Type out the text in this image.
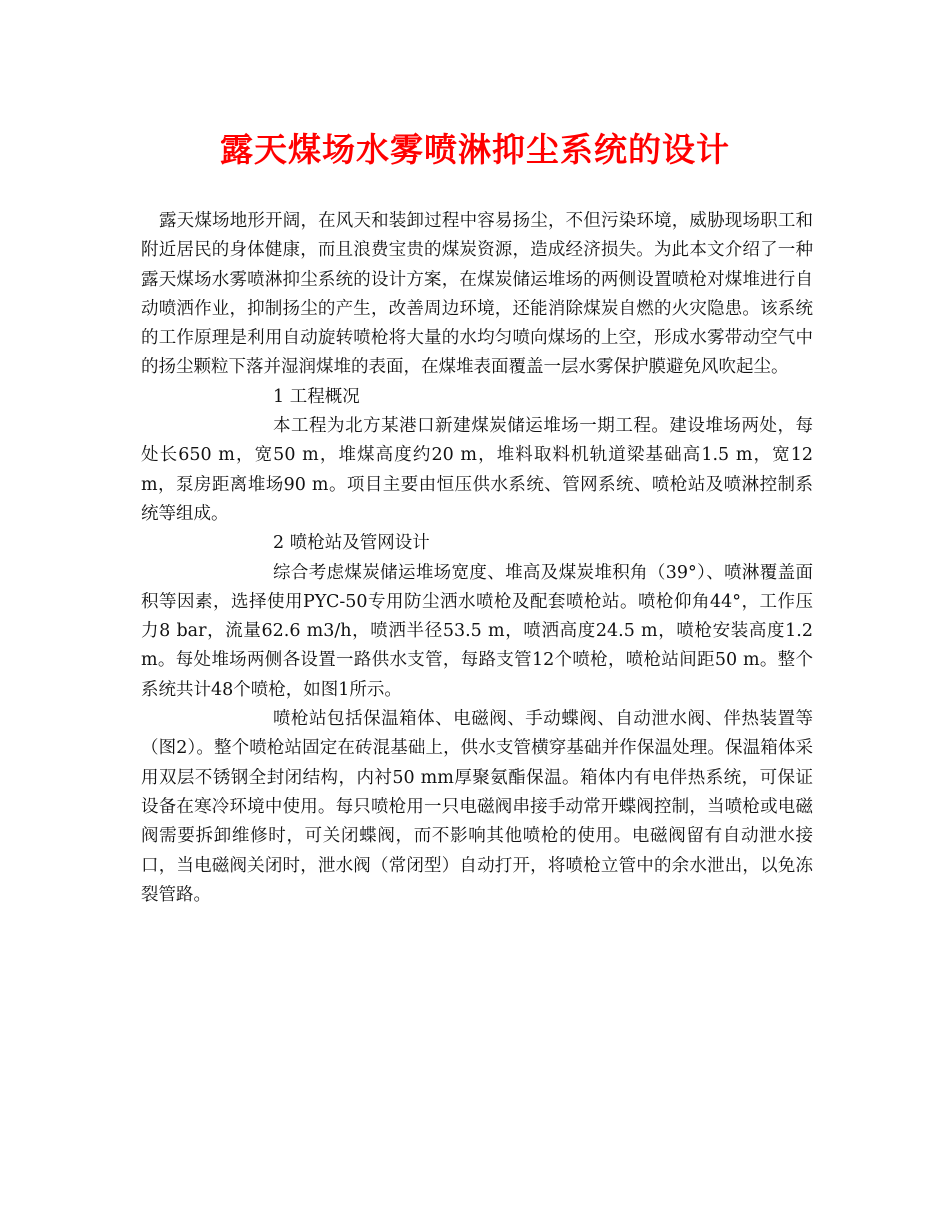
露天煤场水雾喷淋抑尘系统的设计

露天煤场地形开阔，在风天和装卸过程中容易扬尘，不但污染环境，威胁现场职工和附近居民的身体健康，而且浪费宝贵的煤炭资源，造成经济损失。为此本文介绍了一种露天煤场水雾喷淋抑尘系统的设计方案，在煤炭储运堆场的两侧设置喷枪对煤堆进行自动喷洒作业，抑制扬尘的产生，改善周边环境，还能消除煤炭自燃的火灾隐患。该系统的工作原理是利用自动旋转喷枪将大量的水均匀喷向煤场的上空，形成水雾带动空气中的扬尘颗粒下落并湿润煤堆的表面，在煤堆表面覆盖一层水雾保护膜避免风吹起尘。

1 工程概况

本工程为北方某港口新建煤炭储运堆场一期工程。建设堆场两处，每处长650 m，宽50 m，堆煤高度约20 m，堆料取料机轨道梁基础高1.5 m，宽12 m，泵房距离堆场90 m。项目主要由恒压供水系统、管网系统、喷枪站及喷淋控制系统等组成。

2 喷枪站及管网设计

综合考虑煤炭储运堆场宽度、堆高及煤炭堆积角（39°）、喷淋覆盖面积等因素，选择使用PYC-50专用防尘洒水喷枪及配套喷枪站。喷枪仰角44°，工作压力8 bar，流量62.6 m3/h，喷洒半径53.5 m，喷洒高度24.5 m，喷枪安装高度1.2 m。每处堆场两侧各设置一路供水支管，每路支管12个喷枪，喷枪站间距50 m。整个系统共计48个喷枪，如图1所示。

喷枪站包括保温箱体、电磁阀、手动蝶阀、自动泄水阀、伴热装置等（图2）。整个喷枪站固定在砖混基础上，供水支管横穿基础并作保温处理。保温箱体采用双层不锈钢全封闭结构，内衬50 mm厚聚氨酯保温。箱体内有电伴热系统，可保证设备在寒冷环境中使用。每只喷枪用一只电磁阀串接手动常开蝶阀控制，当喷枪或电磁阀需要拆卸维修时，可关闭蝶阀，而不影响其他喷枪的使用。电磁阀留有自动泄水接口，当电磁阀关闭时，泄水阀（常闭型）自动打开，将喷枪立管中的余水泄出，以免冻裂管路。
